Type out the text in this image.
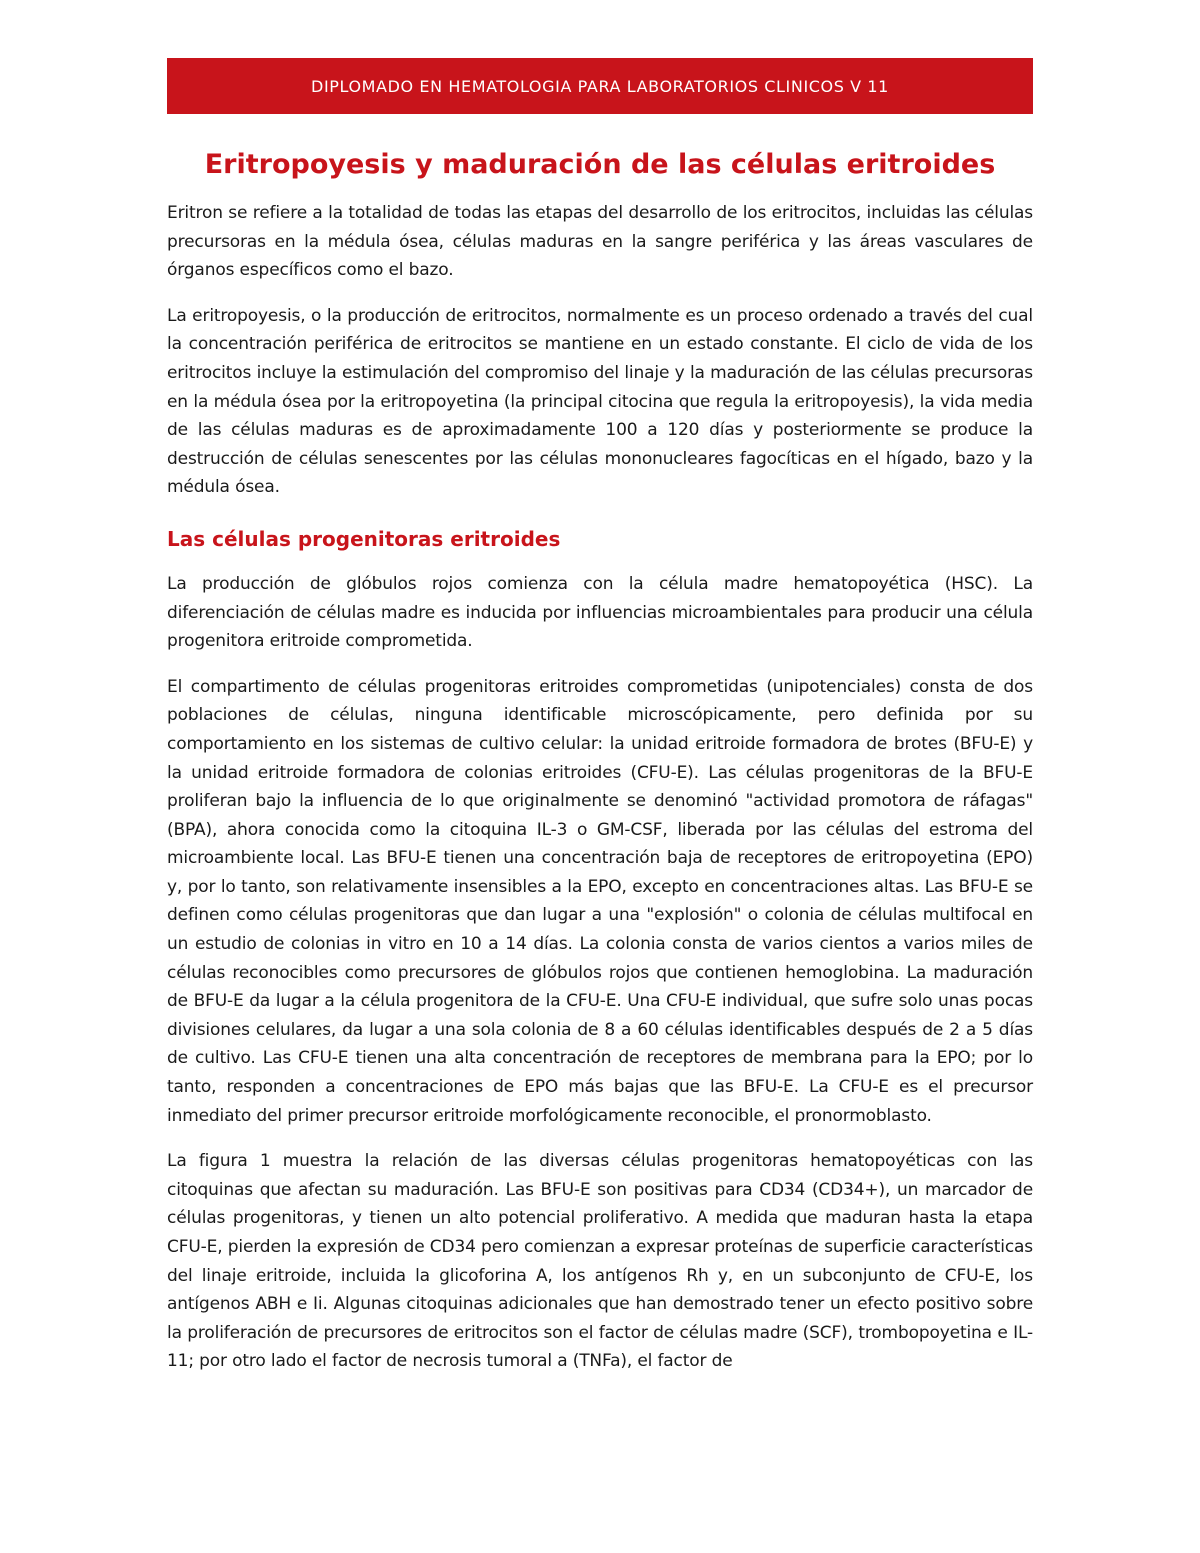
DIPLOMADO EN HEMATOLOGIA PARA LABORATORIOS CLINICOS V 11
Eritropoyesis y maduración de las células eritroides

Eritron se refiere a la totalidad de todas las etapas del desarrollo de los eritrocitos, incluidas las células precursoras en la médula ósea, células maduras en la sangre periférica y las áreas vasculares de órganos específicos como el bazo.

La eritropoyesis, o la producción de eritrocitos, normalmente es un proceso ordenado a través del cual la concentración periférica de eritrocitos se mantiene en un estado constante. El ciclo de vida de los eritrocitos incluye la estimulación del compromiso del linaje y la maduración de las células precursoras en la médula ósea por la eritropoyetina (la principal citocina que regula la eritropoyesis), la vida media de las células maduras es de aproximadamente 100 a 120 días y posteriormente se produce la destrucción de células senescentes por las células mononucleares fagocíticas en el hígado, bazo y la médula ósea.

Las células progenitoras eritroides

La producción de glóbulos rojos comienza con la célula madre hematopoyética (HSC). La diferenciación de células madre es inducida por influencias microambientales para producir una célula progenitora eritroide comprometida.

El compartimento de células progenitoras eritroides comprometidas (unipotenciales) consta de dos poblaciones de células, ninguna identificable microscópicamente, pero definida por su comportamiento en los sistemas de cultivo celular: la unidad eritroide formadora de brotes (BFU-E) y la unidad eritroide formadora de colonias eritroides (CFU-E). Las células progenitoras de la BFU-E proliferan bajo la influencia de lo que originalmente se denominó "actividad promotora de ráfagas" (BPA), ahora conocida como la citoquina IL-3 o GM-CSF, liberada por las células del estroma del microambiente local. Las BFU-E tienen una concentración baja de receptores de eritropoyetina (EPO) y, por lo tanto, son relativamente insensibles a la EPO, excepto en concentraciones altas. Las BFU-E se definen como células progenitoras que dan lugar a una "explosión" o colonia de células multifocal en un estudio de colonias in vitro en 10 a 14 días. La colonia consta de varios cientos a varios miles de células reconocibles como precursores de glóbulos rojos que contienen hemoglobina. La maduración de BFU-E da lugar a la célula progenitora de la CFU-E. Una CFU-E individual, que sufre solo unas pocas divisiones celulares, da lugar a una sola colonia de 8 a 60 células identificables después de 2 a 5 días de cultivo. Las CFU-E tienen una alta concentración de receptores de membrana para la EPO; por lo tanto, responden a concentraciones de EPO más bajas que las BFU-E. La CFU-E es el precursor inmediato del primer precursor eritroide morfológicamente reconocible, el pronormoblasto.

La figura 1 muestra la relación de las diversas células progenitoras hematopoyéticas con las citoquinas que afectan su maduración. Las BFU-E son positivas para CD34 (CD34+), un marcador de células progenitoras, y tienen un alto potencial proliferativo. A medida que maduran hasta la etapa CFU-E, pierden la expresión de CD34 pero comienzan a expresar proteínas de superficie características del linaje eritroide, incluida la glicoforina A, los antígenos Rh y, en un subconjunto de CFU-E, los antígenos ABH e Ii. Algunas citoquinas adicionales que han demostrado tener un efecto positivo sobre la proliferación de precursores de eritrocitos son el factor de células madre (SCF), trombopoyetina e IL-11; por otro lado el factor de necrosis tumoral a (TNFa), el factor de
